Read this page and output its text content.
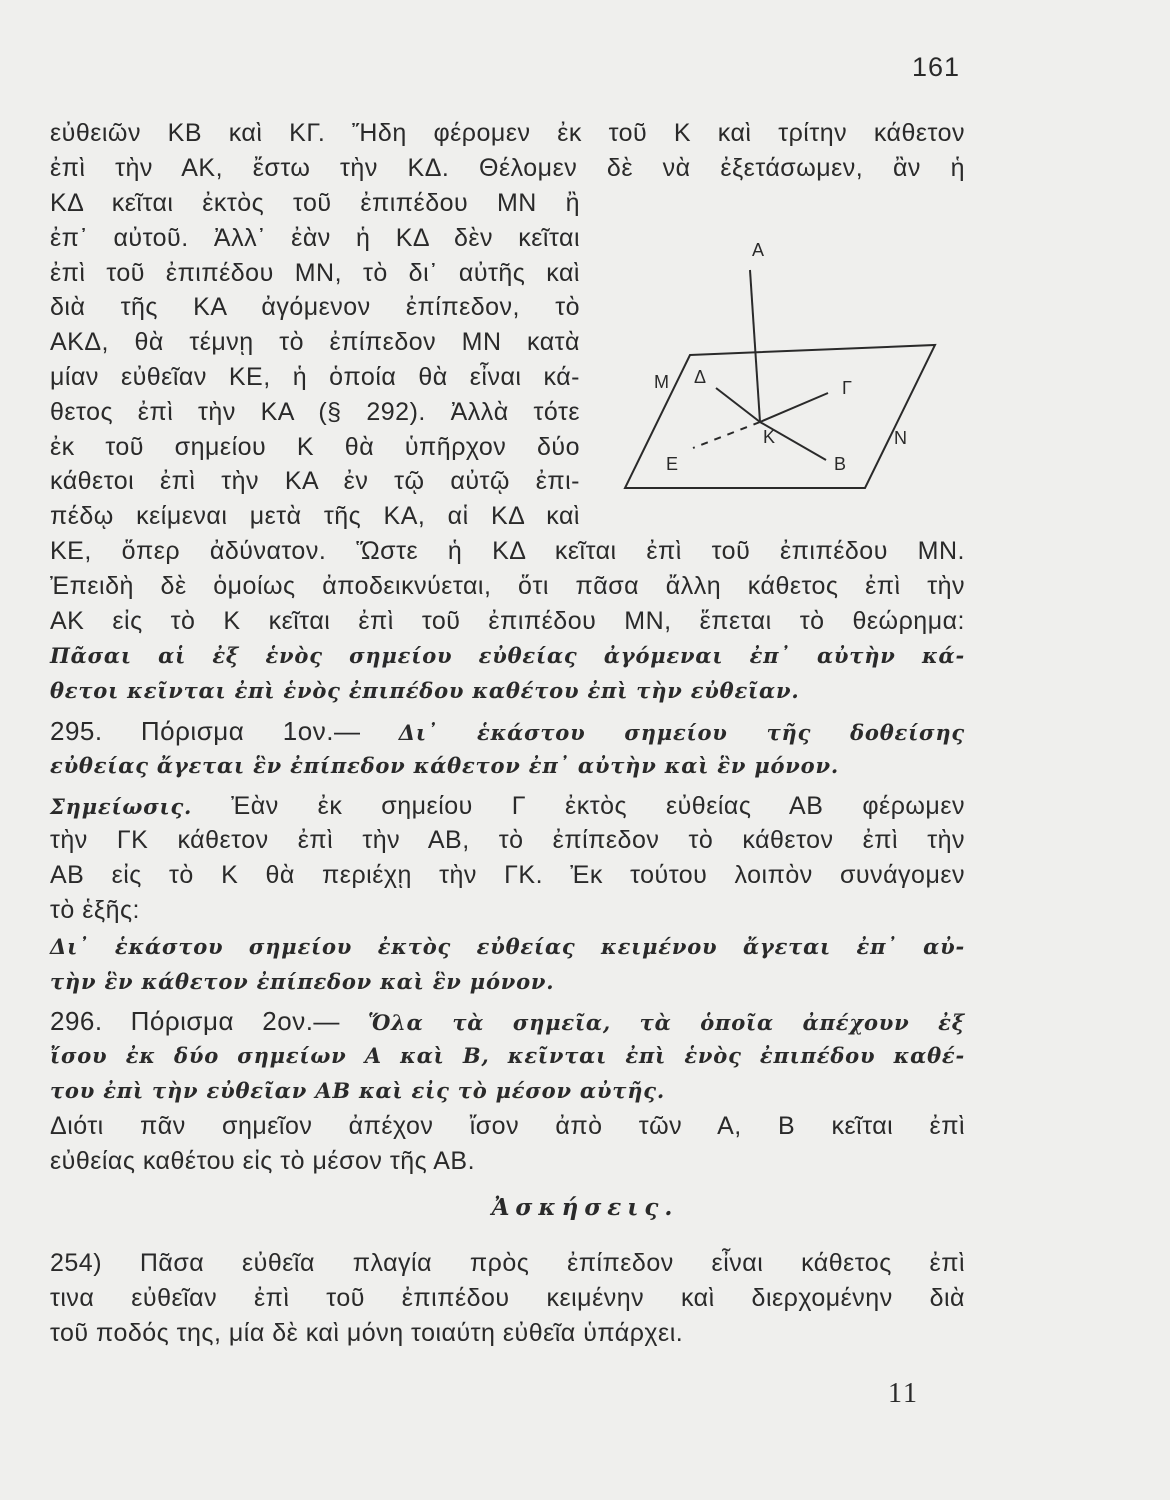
161
εὐθειῶν ΚΒ καὶ ΚΓ. Ἤδη φέρομεν ἐκ τοῦ Κ καὶ τρίτην κάθετον
ἐπὶ τὴν ΑΚ, ἔστω τὴν ΚΔ. Θέλομεν δὲ νὰ ἐξετάσωμεν, ἂν ἡ
ΚΔ κεῖται ἐκτὸς τοῦ ἐπιπέδου ΜΝ ἢ
ἐπ᾽ αὐτοῦ. Ἀλλ᾽ ἐὰν ἡ ΚΔ δὲν κεῖται
ἐπὶ τοῦ ἐπιπέδου ΜΝ, τὸ δι᾽ αὐτῆς καὶ
διὰ τῆς ΚΑ ἀγόμενον ἐπίπεδον, τὸ
ΑΚΔ, θὰ τέμνῃ τὸ ἐπίπεδον ΜΝ κατὰ
μίαν εὐθεῖαν ΚΕ, ἡ ὁποία θὰ εἶναι κά-
θετος ἐπὶ τὴν ΚΑ (§ 292). Ἀλλὰ τότε
ἐκ τοῦ σημείου Κ θὰ ὑπῆρχον δύο
κάθετοι ἐπὶ τὴν ΚΑ ἐν τῷ αὐτῷ ἐπι-
πέδῳ κείμεναι μετὰ τῆς ΚΑ, αἱ ΚΔ καὶ
ΚΕ, ὅπερ ἀδύνατον. Ὥστε ἡ ΚΔ κεῖται ἐπὶ τοῦ ἐπιπέδου ΜΝ.
Ἐπειδὴ δὲ ὁμοίως ἀποδεικνύεται, ὅτι πᾶσα ἄλλη κάθετος ἐπὶ τὴν
ΑΚ εἰς τὸ Κ κεῖται ἐπὶ τοῦ ἐπιπέδου ΜΝ, ἕπεται τὸ θεώρημα:
Πᾶσαι αἱ ἐξ ἑνὸς σημείου εὐθείας ἀγόμεναι ἐπ᾽ αὐτὴν κά-
θετοι κεῖνται ἐπὶ ἑνὸς ἐπιπέδου καθέτου ἐπὶ τὴν εὐθεῖαν.
295. Πόρισμα 1ον.— Δι᾽ ἑκάστου σημείου τῆς δοθείσης
εὐθείας ἄγεται ἓν ἐπίπεδον κάθετον ἐπ᾽ αὐτὴν καὶ ἓν μόνον.
Σημείωσις. Ἐὰν ἐκ σημείου Γ ἐκτὸς εὐθείας ΑΒ φέρωμεν
τὴν ΓΚ κάθετον ἐπὶ τὴν ΑΒ, τὸ ἐπίπεδον τὸ κάθετον ἐπὶ τὴν
ΑΒ εἰς τὸ Κ θὰ περιέχῃ τὴν ΓΚ. Ἐκ τούτου λοιπὸν συνάγομεν
τὸ ἑξῆς:
Δι᾽ ἑκάστου σημείου ἐκτὸς εὐθείας κειμένου ἄγεται ἐπ᾽ αὐ-
τὴν ἓν κάθετον ἐπίπεδον καὶ ἓν μόνον.
296. Πόρισμα 2ον.— Ὅλα τὰ σημεῖα, τὰ ὁποῖα ἀπέχουν ἐξ
ἴσου ἐκ δύο σημείων Α καὶ Β, κεῖνται ἐπὶ ἑνὸς ἐπιπέδου καθέ-
του ἐπὶ τὴν εὐθεῖαν ΑΒ καὶ εἰς τὸ μέσον αὐτῆς.
Διότι πᾶν σημεῖον ἀπέχον ἴσον ἀπὸ τῶν Α, Β κεῖται ἐπὶ
εὐθείας καθέτου εἰς τὸ μέσον τῆς ΑΒ.
Ἀσκήσεις.
254) Πᾶσα εὐθεῖα πλαγία πρὸς ἐπίπεδον εἶναι κάθετος ἐπὶ
τινα εὐθεῖαν ἐπὶ τοῦ ἐπιπέδου κειμένην καὶ διερχομένην διὰ
τοῦ ποδός της, μία δὲ καὶ μόνη τοιαύτη εὐθεῖα ὑπάρχει.
11
Α
Μ Δ
Γ
Κ	Ν
Ε	Β
